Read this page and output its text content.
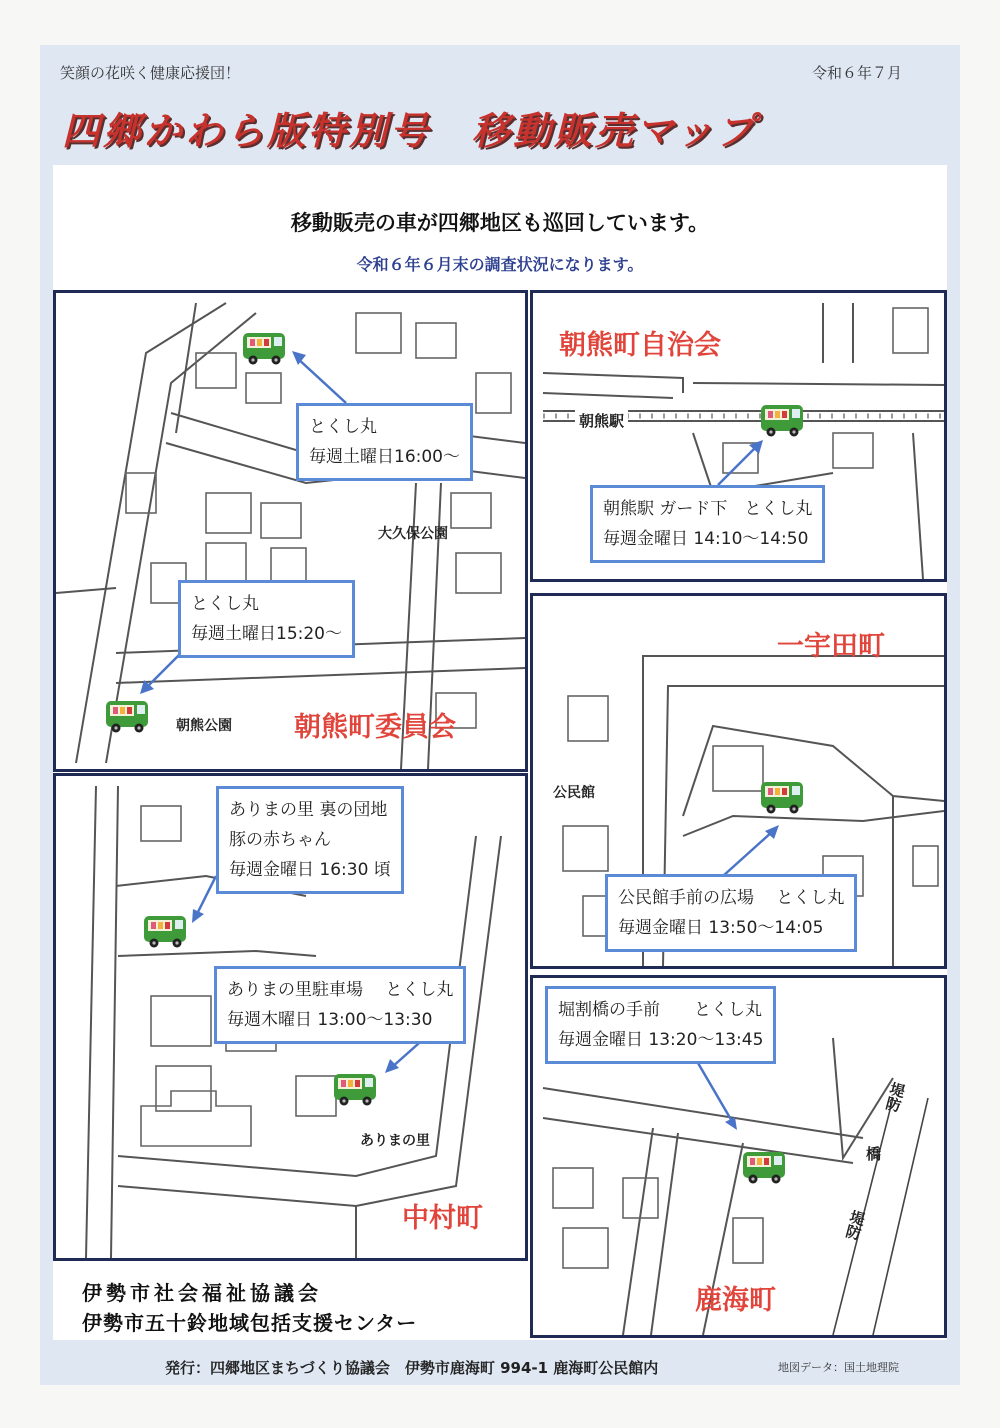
笑顔の花咲く健康応援団！	令和６年７月
四郷かわら版特別号　移動販売マップ
移動販売の車が四郷地区も巡回しています。
令和６年６月末の調査状況になります。
とくし丸
毎週土曜日16:00〜
とくし丸
毎週土曜日15:20〜
大久保公園
朝熊公園 朝熊町委員会
朝熊町自治会
朝熊駅
朝熊駅 ガード下　とくし丸
毎週金曜日 14:10〜14:50
一宇田町
公民館
公民館手前の広場　 とくし丸
毎週金曜日 13:50〜14:05
ありまの里 裏の団地
豚の赤ちゃん
毎週金曜日 16:30 頃
ありまの里駐車場　 とくし丸
毎週木曜日 13:00〜13:30
ありまの里
中村町
堀割橋の手前　　とくし丸
毎週金曜日 13:20〜13:45
堤防
橋
堤防
鹿海町
伊勢市社会福祉協議会
伊勢市五十鈴地域包括支援センター
発行：四郷地区まちづくり協議会　伊勢市鹿海町 994-1 鹿海町公民館内	地図データ：国土地理院
